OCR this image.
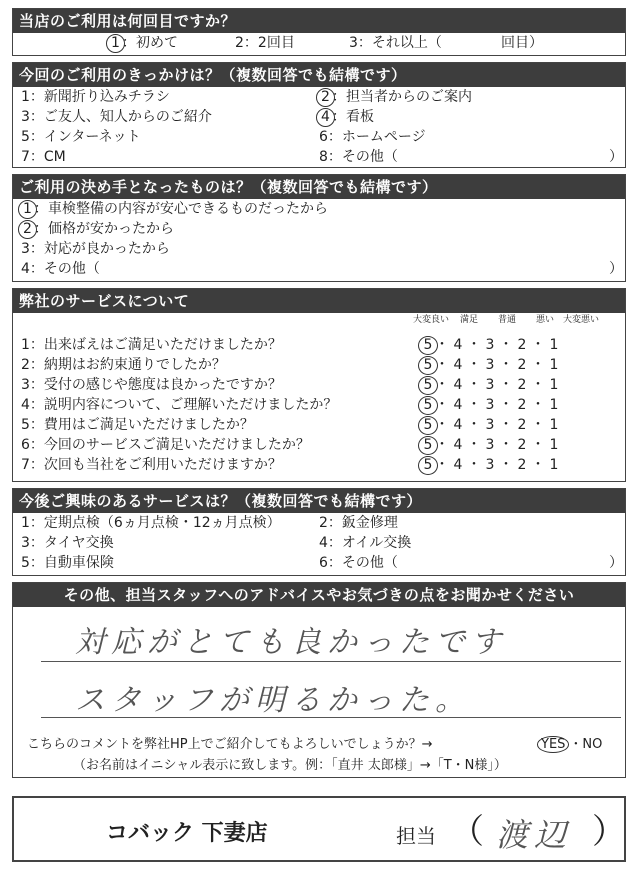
当店のご利用は何回目ですか？
1 ：初めて	2：2回目	3：それ以上（	回目）
今回のご利用のきっかけは？（複数回答でも結構です）
1：新聞折り込みチラシ	2 ：担当者からのご案内
3：ご友人、知人からのご紹介	4 ：看板
5：インターネット	6：ホームページ
7：CM	8：その他（	）
ご利用の決め手となったものは？（複数回答でも結構です）
1 ：車検整備の内容が安心できるものだったから
2 ：価格が安かったから
3：対応が良かったから
4：その他（	）
弊社のサービスについて
大変良い	満足	普通	悪い	大変悪い
1：出来ばえはご満足いただけましたか？	5 ・ 4 ・ 3 ・ 2 ・ 1
2：納期はお約束通りでしたか？	5 ・ 4 ・ 3 ・ 2 ・ 1
3：受付の感じや態度は良かったですか？	5 ・ 4 ・ 3 ・ 2 ・ 1
4：説明内容について、ご理解いただけましたか？	5 ・ 4 ・ 3 ・ 2 ・ 1
5：費用はご満足いただけましたか？	5 ・ 4 ・ 3 ・ 2 ・ 1
6：今回のサービスご満足いただけましたか？	5 ・ 4 ・ 3 ・ 2 ・ 1
7：次回も当社をご利用いただけますか？	5 ・ 4 ・ 3 ・ 2 ・ 1
今後ご興味のあるサービスは？（複数回答でも結構です）
1：定期点検（6ヵ月点検・12ヵ月点検）	2：鈑金修理
3：タイヤ交換	4：オイル交換
5：自動車保険	6：その他（	）
その他、担当スタッフへのアドバイスやお気づきの点をお聞かせください
対応がとても良かったです
スタッフが明るかった。
こちらのコメントを弊社HP上でご紹介してもよろしいでしょうか？→	YES ・NO
（お名前はイニシャル表示に致します。例：「直井 太郎様」→「T・N様」）
コバック 下妻店	担当 （ 渡辺 ）
